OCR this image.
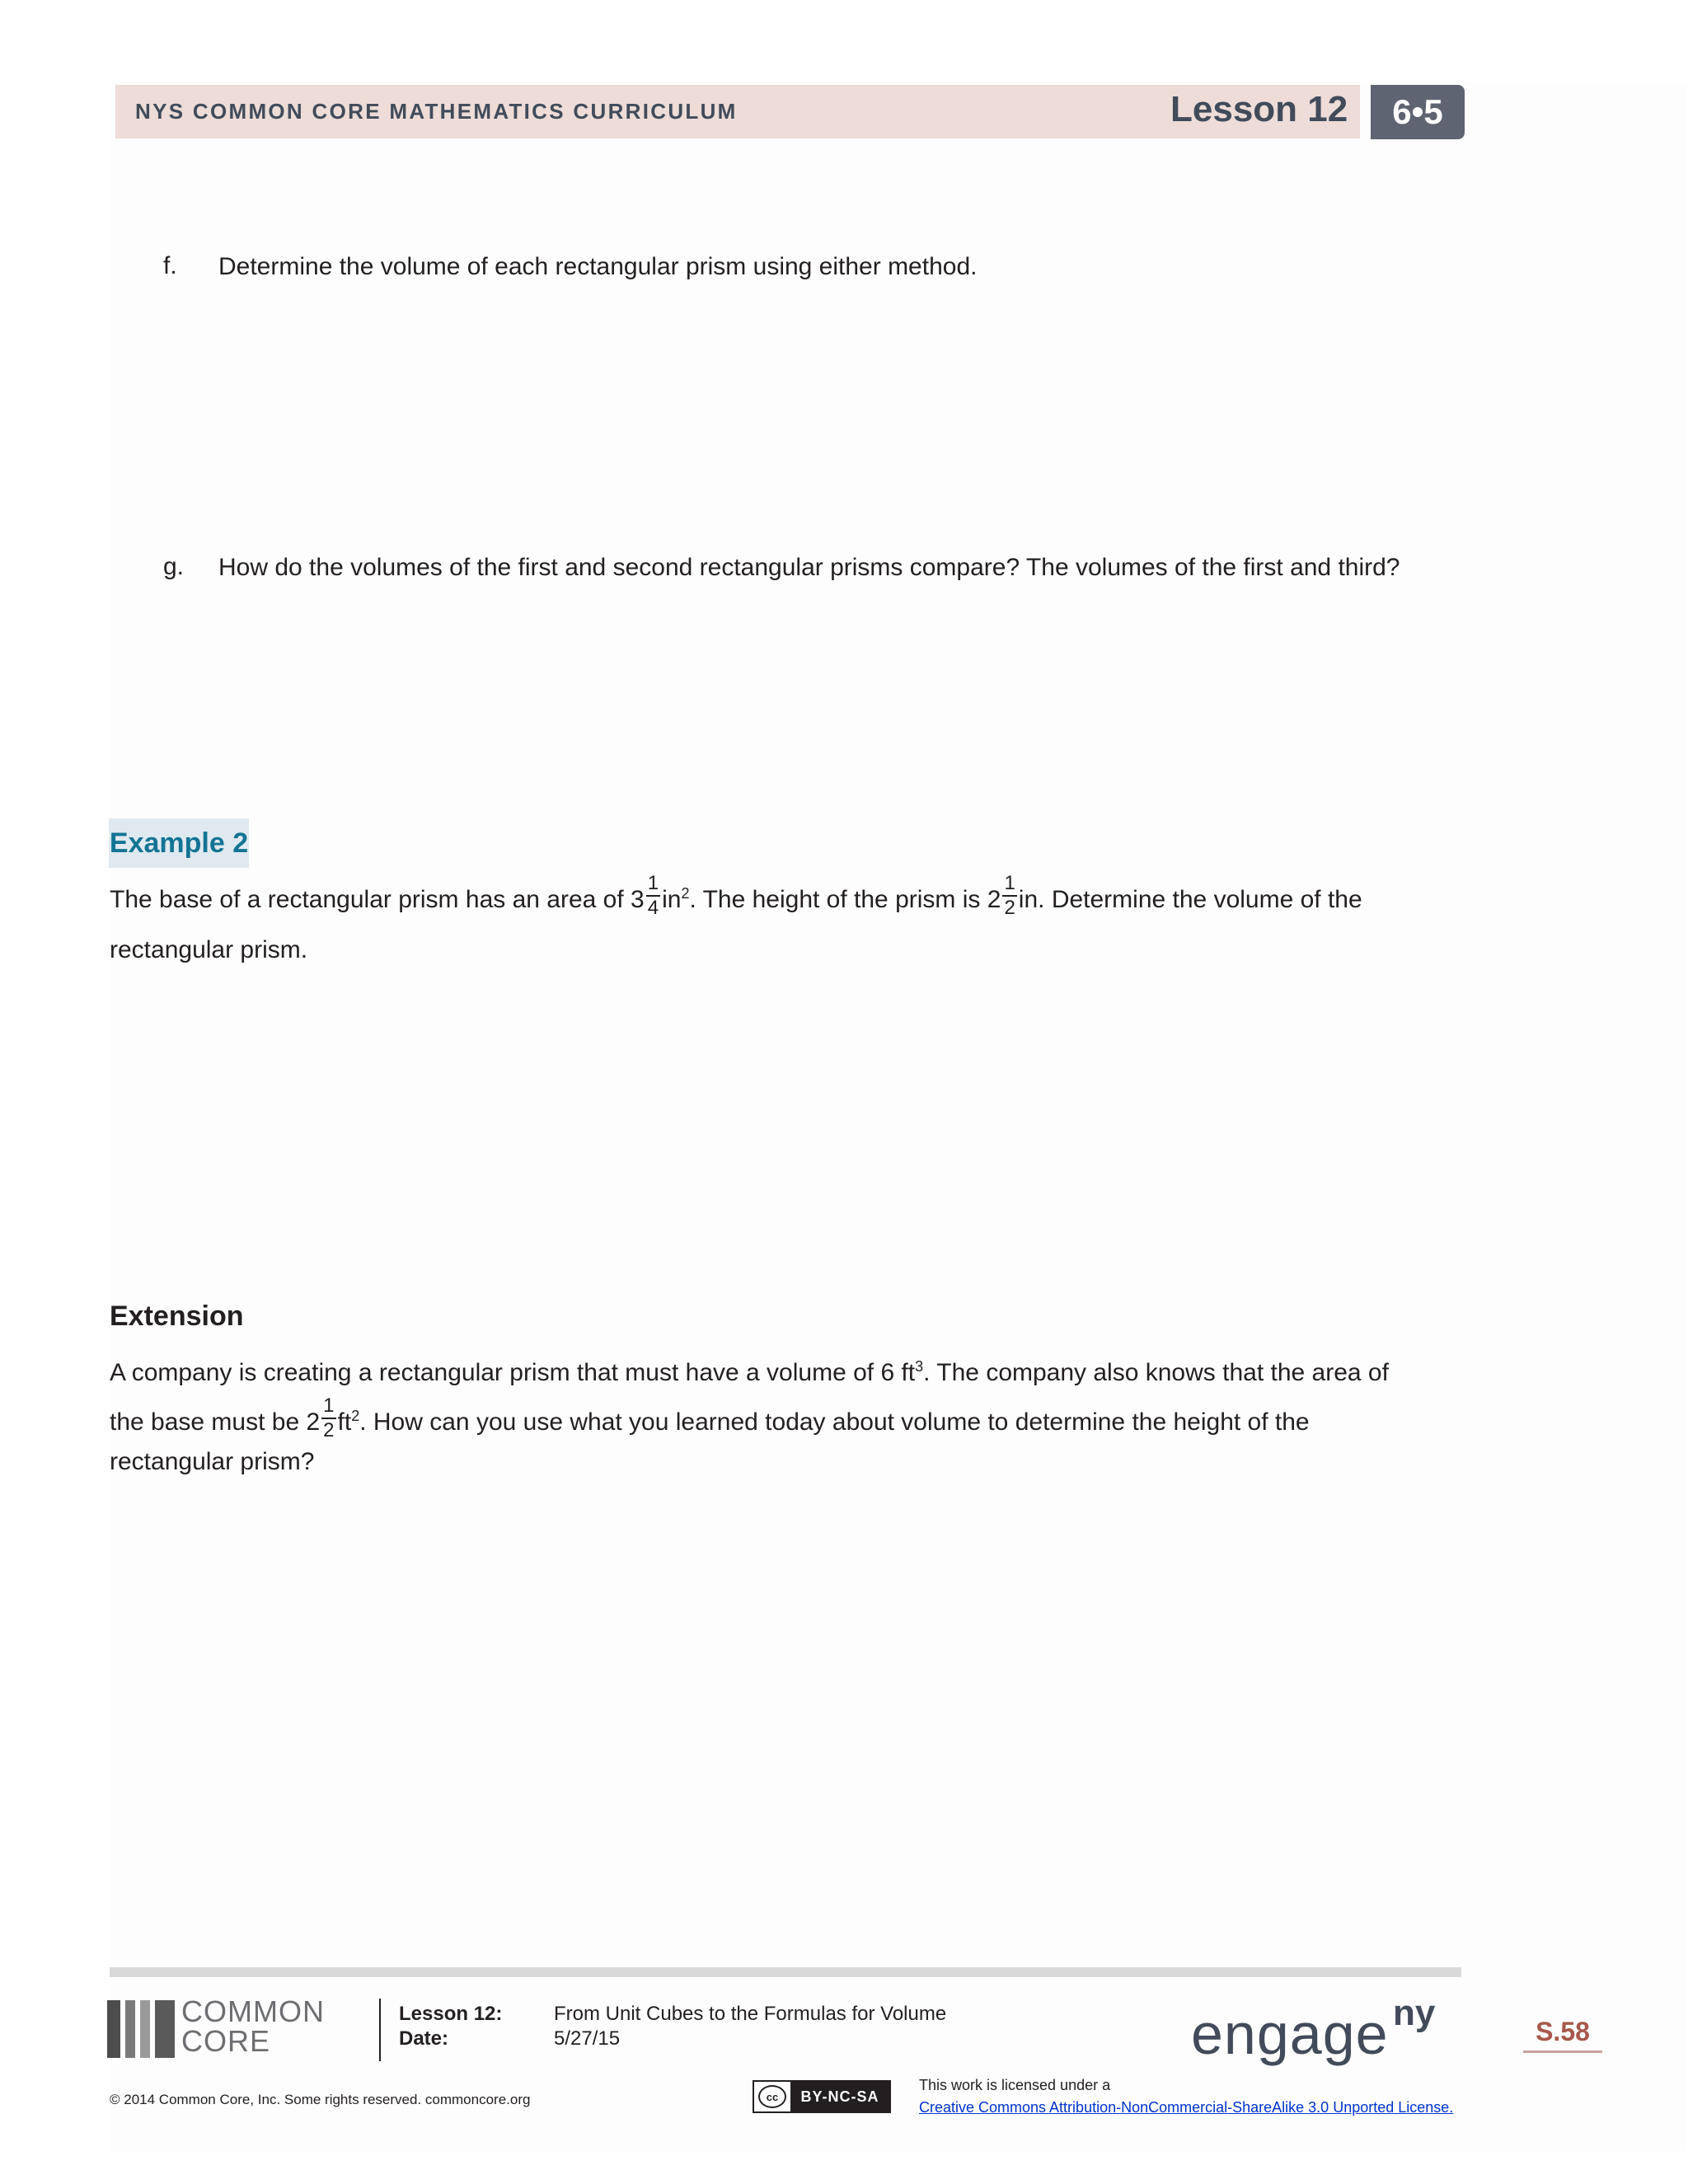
NYS COMMON CORE MATHEMATICS CURRICULUM	Lesson 12	6•5
f. Determine the volume of each rectangular prism using either method.
g. How do the volumes of the first and second rectangular prisms compare? The volumes of the first and third?
Example 2
The base of a rectangular prism has an area of $3 \frac{1}{4} in^2$. The height of the prism is $2 \frac{1}{2}$ in. Determine the volume of the
rectangular prism.
Extension
A company is creating a rectangular prism that must have a volume of 6 $ft^3$. The company also knows that the area of
the base must be $2 \frac{1}{2} ft^2$. How can you use what you learned today about volume to determine the height of the
rectangular prism?
COMMON
CORE
Lesson 12:	From Unit Cubes to the Formulas for Volume
Date:	5/27/15	engage ny	S.58
© 2014 Common Core, Inc. Some rights reserved. commoncore.org	cc	BY-NC-SA
This work is licensed under a
Creative Commons Attribution-NonCommercial-ShareAlike 3.0 Unported License.
